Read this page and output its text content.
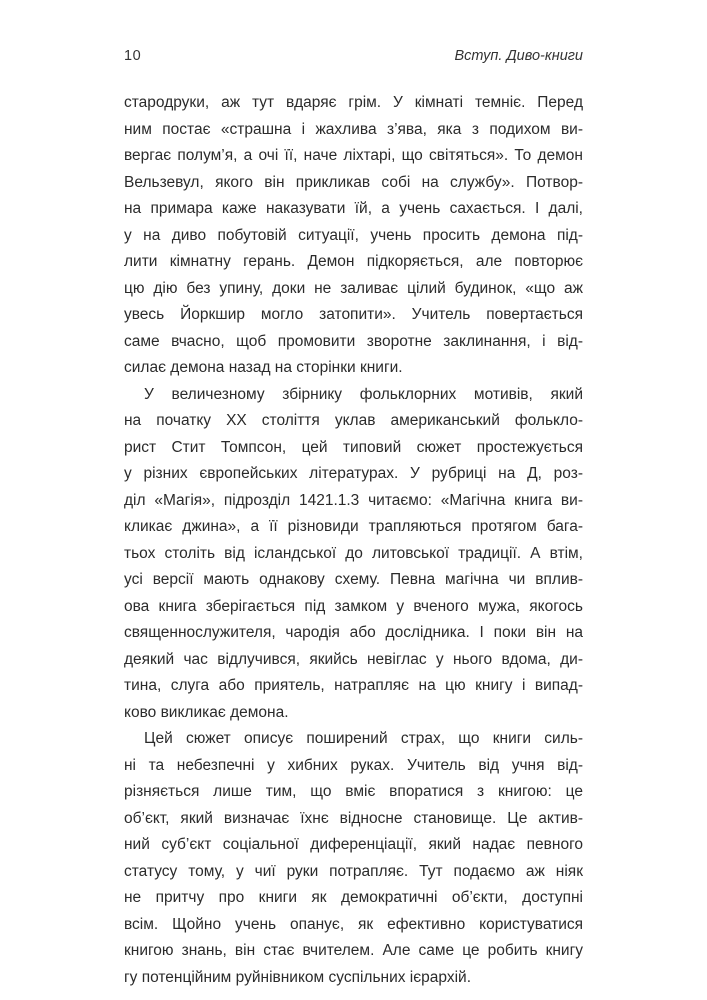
10	Вступ. Диво-книги
стародруки, аж тут вдаряє грім. У кімнаті темніє. Перед
ним постає «страшна і жахлива з’ява, яка з подихом ви-
вергає полум’я, а очі її, наче ліхтарі, що світяться». То демон
Вельзевул, якого він прикликав собі на службу». Потвор-
на примара каже наказувати їй, а учень сахається. І далі,
у на диво побутовій ситуації, учень просить демона під-
лити кімнатну герань. Демон підкоряється, але повторює
цю дію без упину, доки не заливає цілий будинок, «що аж
увесь Йоркшир могло затопити». Учитель повертається
саме вчасно, щоб промовити зворотне заклинання, і від-
силає демона назад на сторінки книги.
У величезному збірнику фольклорних мотивів, який
на початку XX століття уклав американський фолькло-
рист Стит Томпсон, цей типовий сюжет простежується
у різних європейських літературах. У рубриці на Д, роз-
діл «Магія», підрозділ 1421.1.3 читаємо: «Магічна книга ви-
кликає джина», а її різновиди трапляються протягом бага-
тьох століть від ісландської до литовської традиції. А втім,
усі версії мають однакову схему. Певна магічна чи вплив-
ова книга зберігається під замком у вченого мужа, якогось
священнослужителя, чародія або дослідника. І поки він на
деякий час відлучився, якийсь невіглас у нього вдома, ди-
тина, слуга або приятель, натрапляє на цю книгу і випад-
ково викликає демона.
Цей сюжет описує поширений страх, що книги силь-
ні та небезпечні у хибних руках. Учитель від учня від-
різняється лише тим, що вміє впоратися з книгою: це
об’єкт, який визначає їхнє відносне становище. Це актив-
ний суб’єкт соціальної диференціації, який надає певного
статусу тому, у чиї руки потрапляє. Тут подаємо аж ніяк
не притчу про книги як демократичні об’єкти, доступні
всім. Щойно учень опанує, як ефективно користуватися
книгою знань, він стає вчителем. Але саме це робить книгу
гу потенційним руйнівником суспільних ієрархій.
